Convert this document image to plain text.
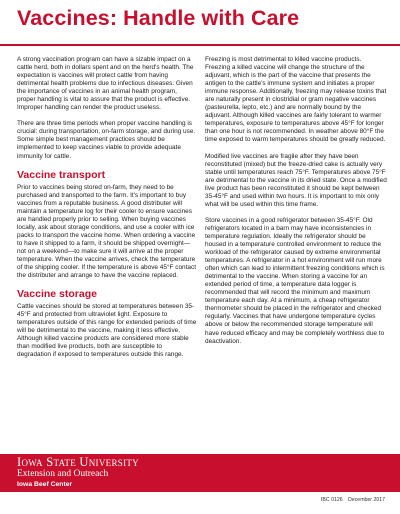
Vaccines: Handle with Care

A strong vaccination program can have a sizable impact on a cattle herd, both in dollars spent and on the herd's health. The expectation is vaccines will protect cattle from having detrimental health problems due to infectious diseases. Given the importance of vaccines in an animal health program, proper handling is vital to assure that the product is effective. Improper handling can render the product useless.

There are three time periods when proper vaccine handling is crucial: during transportation, on-farm storage, and during use. Some simple best management practices should be implemented to keep vaccines viable to provide adequate immunity for cattle.

Vaccine transport

Prior to vaccines being stored on-farm, they need to be purchased and transported to the farm. It's important to buy vaccines from a reputable business. A good distributer will maintain a temperature log for their cooler to ensure vaccines are handled properly prior to selling. When buying vaccines locally, ask about storage conditions, and use a cooler with ice packs to transport the vaccine home. When ordering a vaccine to have it shipped to a farm, it should be shipped overnight—not on a weekend—to make sure it will arrive at the proper temperature. When the vaccine arrives, check the temperature of the shipping cooler. If the temperature is above 45°F contact the distributer and arrange to have the vaccine replaced.

Vaccine storage

Cattle vaccines should be stored at temperatures between 35-45°F and protected from ultraviolet light. Exposure to temperatures outside of this range for extended periods of time will be detrimental to the vaccine, making it less effective. Although killed vaccine products are considered more stable than modified live products, both are susceptible to degradation if exposed to temperatures outside this range.

Freezing is most detrimental to killed vaccine products. Freezing a killed vaccine will change the structure of the adjuvant, which is the part of the vaccine that presents the antigen to the cattle's immune system and initiates a proper immune response. Additionally, freezing may release toxins that are naturally present in clostridial or gram negative vaccines (pasteurella, lepto, etc.) and are normally bound by the adjuvant. Although killed vaccines are fairly tolerant to warmer temperatures, exposure to temperatures above 45°F for longer than one hour is not recommended. In weather above 80°F the time exposed to warm temperatures should be greatly reduced.

Modified live vaccines are fragile after they have been reconstituted (mixed) but the freeze-dried cake is actually very stable until temperatures reach 75°F. Temperatures above 75°F are detrimental to the vaccine in its dried state. Once a modified live product has been reconstituted it should be kept between 35-45°F and used within two hours. It is important to mix only what will be used within this time frame.

Store vaccines in a good refrigerator between 35-45°F. Old refrigerators located in a barn may have inconsistencies in temperature regulation. Ideally the refrigerator should be housed in a temperature controlled environment to reduce the workload of the refrigerator caused by extreme environmental temperatures. A refrigerator in a hot environment will run more often which can lead to intermittent freezing conditions which is detrimental to the vaccine. When storing a vaccine for an extended period of time, a temperature data logger is recommended that will record the minimum and maximum temperature each day. At a minimum, a cheap refrigerator thermometer should be placed in the refrigerator and checked regularly. Vaccines that have undergone temperature cycles above or below the recommended storage temperature will have reduced efficacy and may be completely worthless due to deactivation.

Iowa State University
Extension and Outreach
Iowa Beef Center
IBC 0126 December 2017
